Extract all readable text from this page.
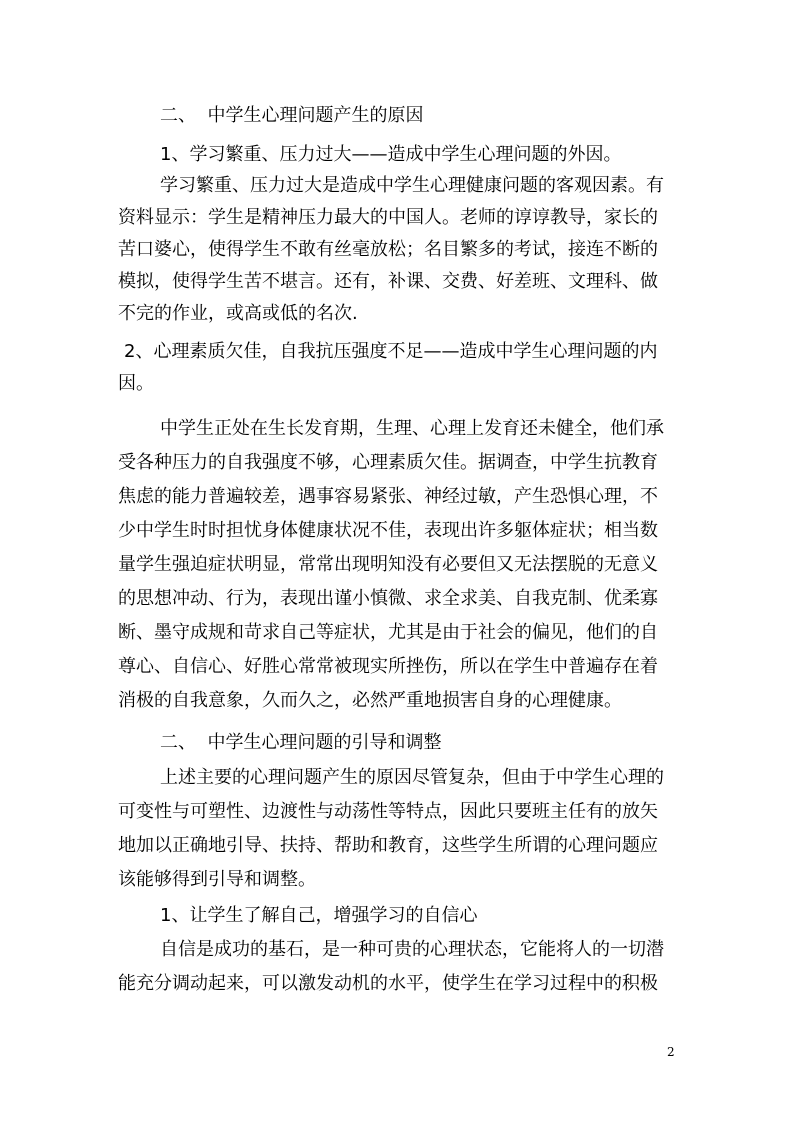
二、  中学生心理问题产生的原因
1、学习繁重、压力过大——造成中学生心理问题的外因。
学习繁重、压力过大是造成中学生心理健康问题的客观因素。有
资料显示：学生是精神压力最大的中国人。老师的谆谆教导，家长的
苦口婆心，使得学生不敢有丝毫放松；名目繁多的考试，接连不断的
模拟，使得学生苦不堪言。还有，补课、交费、好差班、文理科、做
不完的作业，或高或低的名次.
2、心理素质欠佳，自我抗压强度不足——造成中学生心理问题的内
因。
中学生正处在生长发育期，生理、心理上发育还未健全，他们承
受各种压力的自我强度不够，心理素质欠佳。据调查，中学生抗教育
焦虑的能力普遍较差，遇事容易紧张、神经过敏，产生恐惧心理，不
少中学生时时担忧身体健康状况不佳，表现出许多躯体症状；相当数
量学生强迫症状明显，常常出现明知没有必要但又无法摆脱的无意义
的思想冲动、行为，表现出谨小慎微、求全求美、自我克制、优柔寡
断、墨守成规和苛求自己等症状，尤其是由于社会的偏见，他们的自
尊心、自信心、好胜心常常被现实所挫伤，所以在学生中普遍存在着
消极的自我意象，久而久之，必然严重地损害自身的心理健康。
二、  中学生心理问题的引导和调整
上述主要的心理问题产生的原因尽管复杂，但由于中学生心理的
可变性与可塑性、边渡性与动荡性等特点，因此只要班主任有的放矢
地加以正确地引导、扶持、帮助和教育，这些学生所谓的心理问题应
该能够得到引导和调整。
1、让学生了解自己，增强学习的自信心
自信是成功的基石，是一种可贵的心理状态，它能将人的一切潜
能充分调动起来，可以激发动机的水平，使学生在学习过程中的积极
2
